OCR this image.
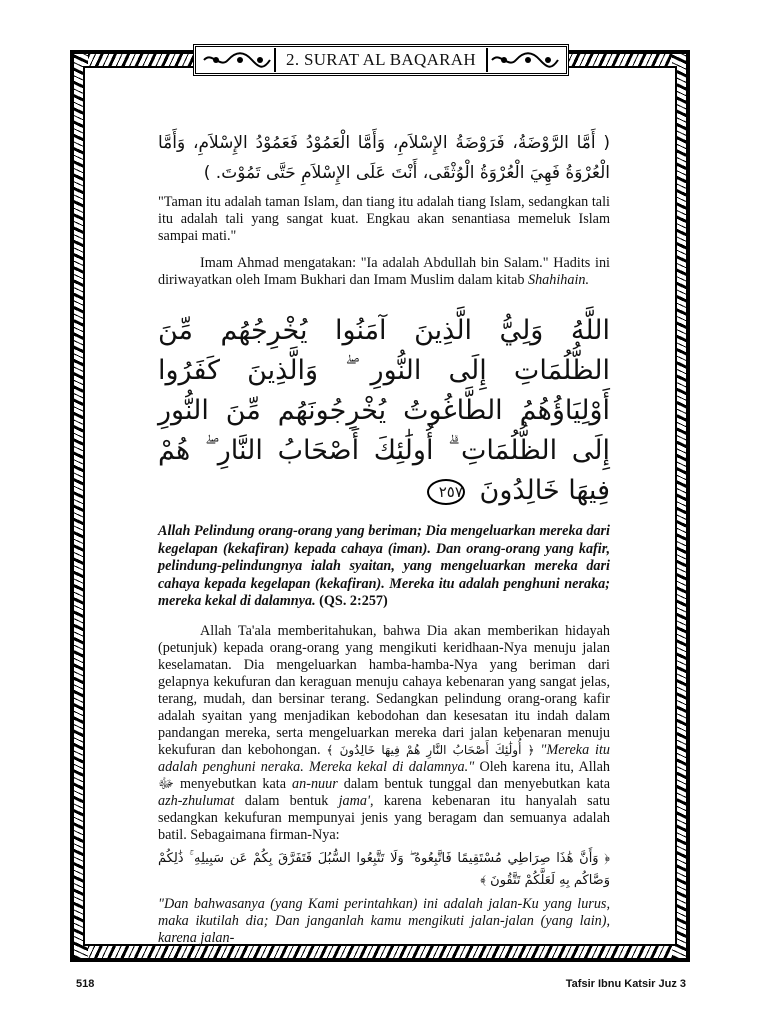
2. SURAT AL BAQARAH

( أَمَّا الرَّوْضَةُ، فَرَوْضَةُ الإِسْلاَمِ، وَأَمَّا الْعَمُوْدُ فَعَمُوْدُ الإِسْلاَمِ، وَأَمَّا الْعُرْوَةُ فَهِيَ الْعُرْوَةُ الْوُثْقَى، أَنْتَ عَلَى الإِسْلاَمِ حَتَّى تَمُوْتَ. )

"Taman itu adalah taman Islam, dan tiang itu adalah tiang Islam, sedangkan tali itu adalah tali yang sangat kuat. Engkau akan senantiasa memeluk Islam sampai mati."

Imam Ahmad mengatakan: "Ia adalah Abdullah bin Salam." Hadits ini diriwayatkan oleh Imam Bukhari dan Imam Muslim dalam kitab Shahihain.

اللَّهُ وَلِيُّ الَّذِينَ آمَنُوا يُخْرِجُهُم مِّنَ الظُّلُمَاتِ إِلَى النُّورِ ۖ وَالَّذِينَ كَفَرُوا أَوْلِيَاؤُهُمُ الطَّاغُوتُ يُخْرِجُونَهُم مِّنَ النُّورِ إِلَى الظُّلُمَاتِ ۗ أُولَٰئِكَ أَصْحَابُ النَّارِ ۖ هُمْ فِيهَا خَالِدُونَ ٢٥٧

Allah Pelindung orang-orang yang beriman; Dia mengeluarkan mereka dari kegelapan (kekafiran) kepada cahaya (iman). Dan orang-orang yang kafir, pelindung-pelindungnya ialah syaitan, yang mengeluarkan mereka dari cahaya kepada kegelapan (kekafiran). Mereka itu adalah penghuni neraka; mereka kekal di dalamnya. (QS. 2:257)

Allah Ta'ala memberitahukan, bahwa Dia akan memberikan hidayah (petunjuk) kepada orang-orang yang mengikuti keridhaan-Nya menuju jalan keselamatan. Dia mengeluarkan hamba-hamba-Nya yang beriman dari gelapnya kekufuran dan keraguan menuju cahaya kebenaran yang sangat jelas, terang, mudah, dan bersinar terang. Sedangkan pelindung orang-orang kafir adalah syaitan yang menjadikan kebodohan dan kesesatan itu indah dalam pandangan mereka, serta mengeluarkan mereka dari jalan kebenaran menuju kekufuran dan kebohongan. ﴿ أُولَٰئِكَ أَصْحَابُ النَّارِ هُمْ فِيهَا خَالِدُونَ ﴾ "Mereka itu adalah penghuni neraka. Mereka kekal di dalamnya." Oleh karena itu, Allah ﷻ menyebutkan kata an-nuur dalam bentuk tunggal dan menyebutkan kata azh-zhulumat dalam bentuk jama', karena kebenaran itu hanyalah satu sedangkan kekufuran mempunyai jenis yang beragam dan semuanya adalah batil. Sebagaimana firman-Nya:

﴿ وَأَنَّ هَٰذَا صِرَاطِي مُسْتَقِيمًا فَاتَّبِعُوهُ ۖ وَلَا تَتَّبِعُوا السُّبُلَ فَتَفَرَّقَ بِكُمْ عَن سَبِيلِهِ ۚ ذَٰلِكُمْ وَصَّاكُم بِهِ لَعَلَّكُمْ تَتَّقُونَ ﴾

"Dan bahwasanya (yang Kami perintahkan) ini adalah jalan-Ku yang lurus, maka ikutilah dia; Dan janganlah kamu mengikuti jalan-jalan (yang lain), karena jalan-

518	Tafsir Ibnu Katsir Juz 3
